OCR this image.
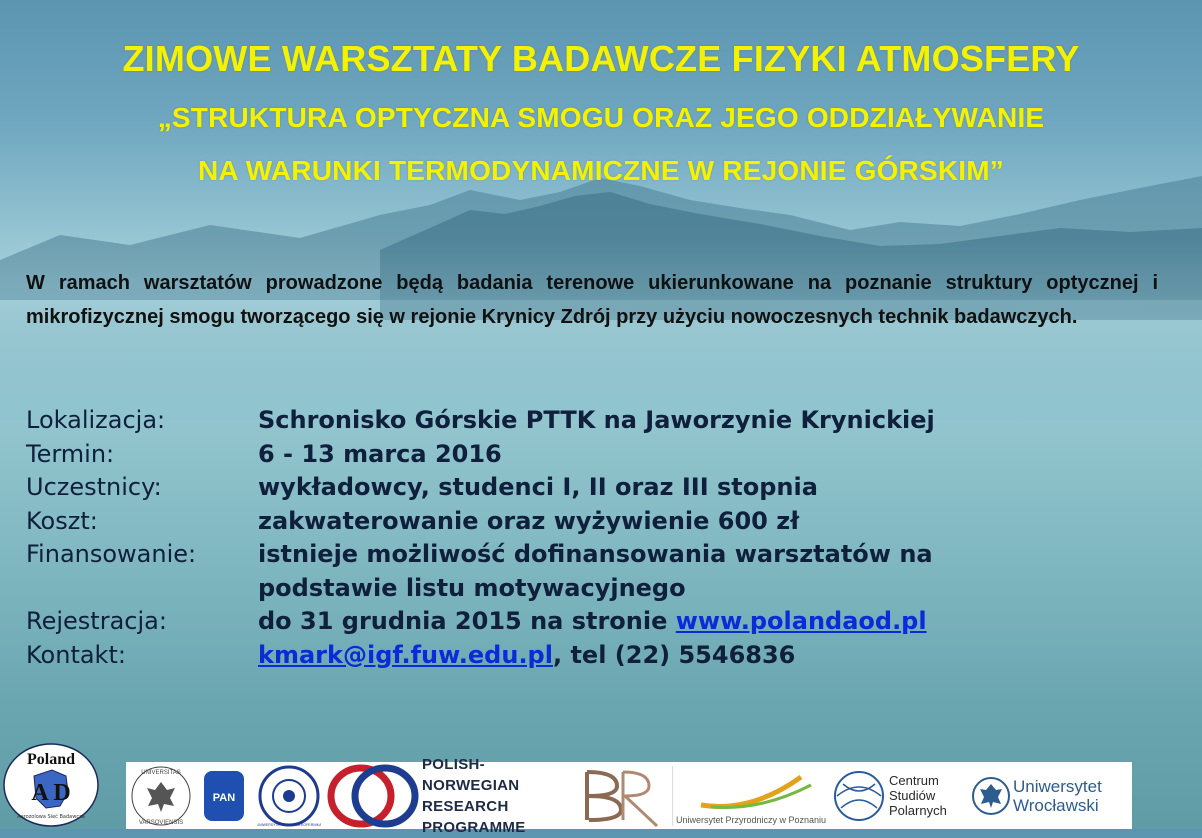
ZIMOWE WARSZTATY BADAWCZE FIZYKI ATMOSFERY
„STRUKTURA OPTYCZNA SMOGU ORAZ JEGO ODDZIAŁYWANIE
NA WARUNKI TERMODYNAMICZNE W REJONIE GÓRSKIM”
W ramach warsztatów prowadzone będą badania terenowe ukierunkowane na poznanie struktury optycznej i mikrofizycznej smogu tworzącego się w rejonie Krynicy Zdrój przy użyciu nowoczesnych technik badawczych.
Lokalizacja:	Schronisko Górskie PTTK na Jaworzynie Krynickiej
Termin:	6 - 13 marca 2016
Uczestnicy:	wykładowcy, studenci I, II oraz III stopnia
Koszt:	zakwaterowanie oraz wyżywienie 600 zł
Finansowanie:	istnieje możliwość dofinansowania warsztatów na
podstawie listu motywacyjnego
Rejestracja:	do 31 grudnia 2015 na stronie www.polandaod.pl
Kontakt:	kmark@igf.fuw.edu.pl, tel (22) 5546836
Poland
A D
Aerozolowa Sieć Badawcza
UNIVERSITAS
VARSOVIENSIS
PAN
UNIWERSYTET MIKOŁAJA KOPERNIKA
POLISH-NORWEGIAN
RESEARCH
PROGRAMME	Uniwersytet Przyrodniczy w Poznaniu
Centrum
Studiów
Polarnych
Uniwersytet
Wrocławski
